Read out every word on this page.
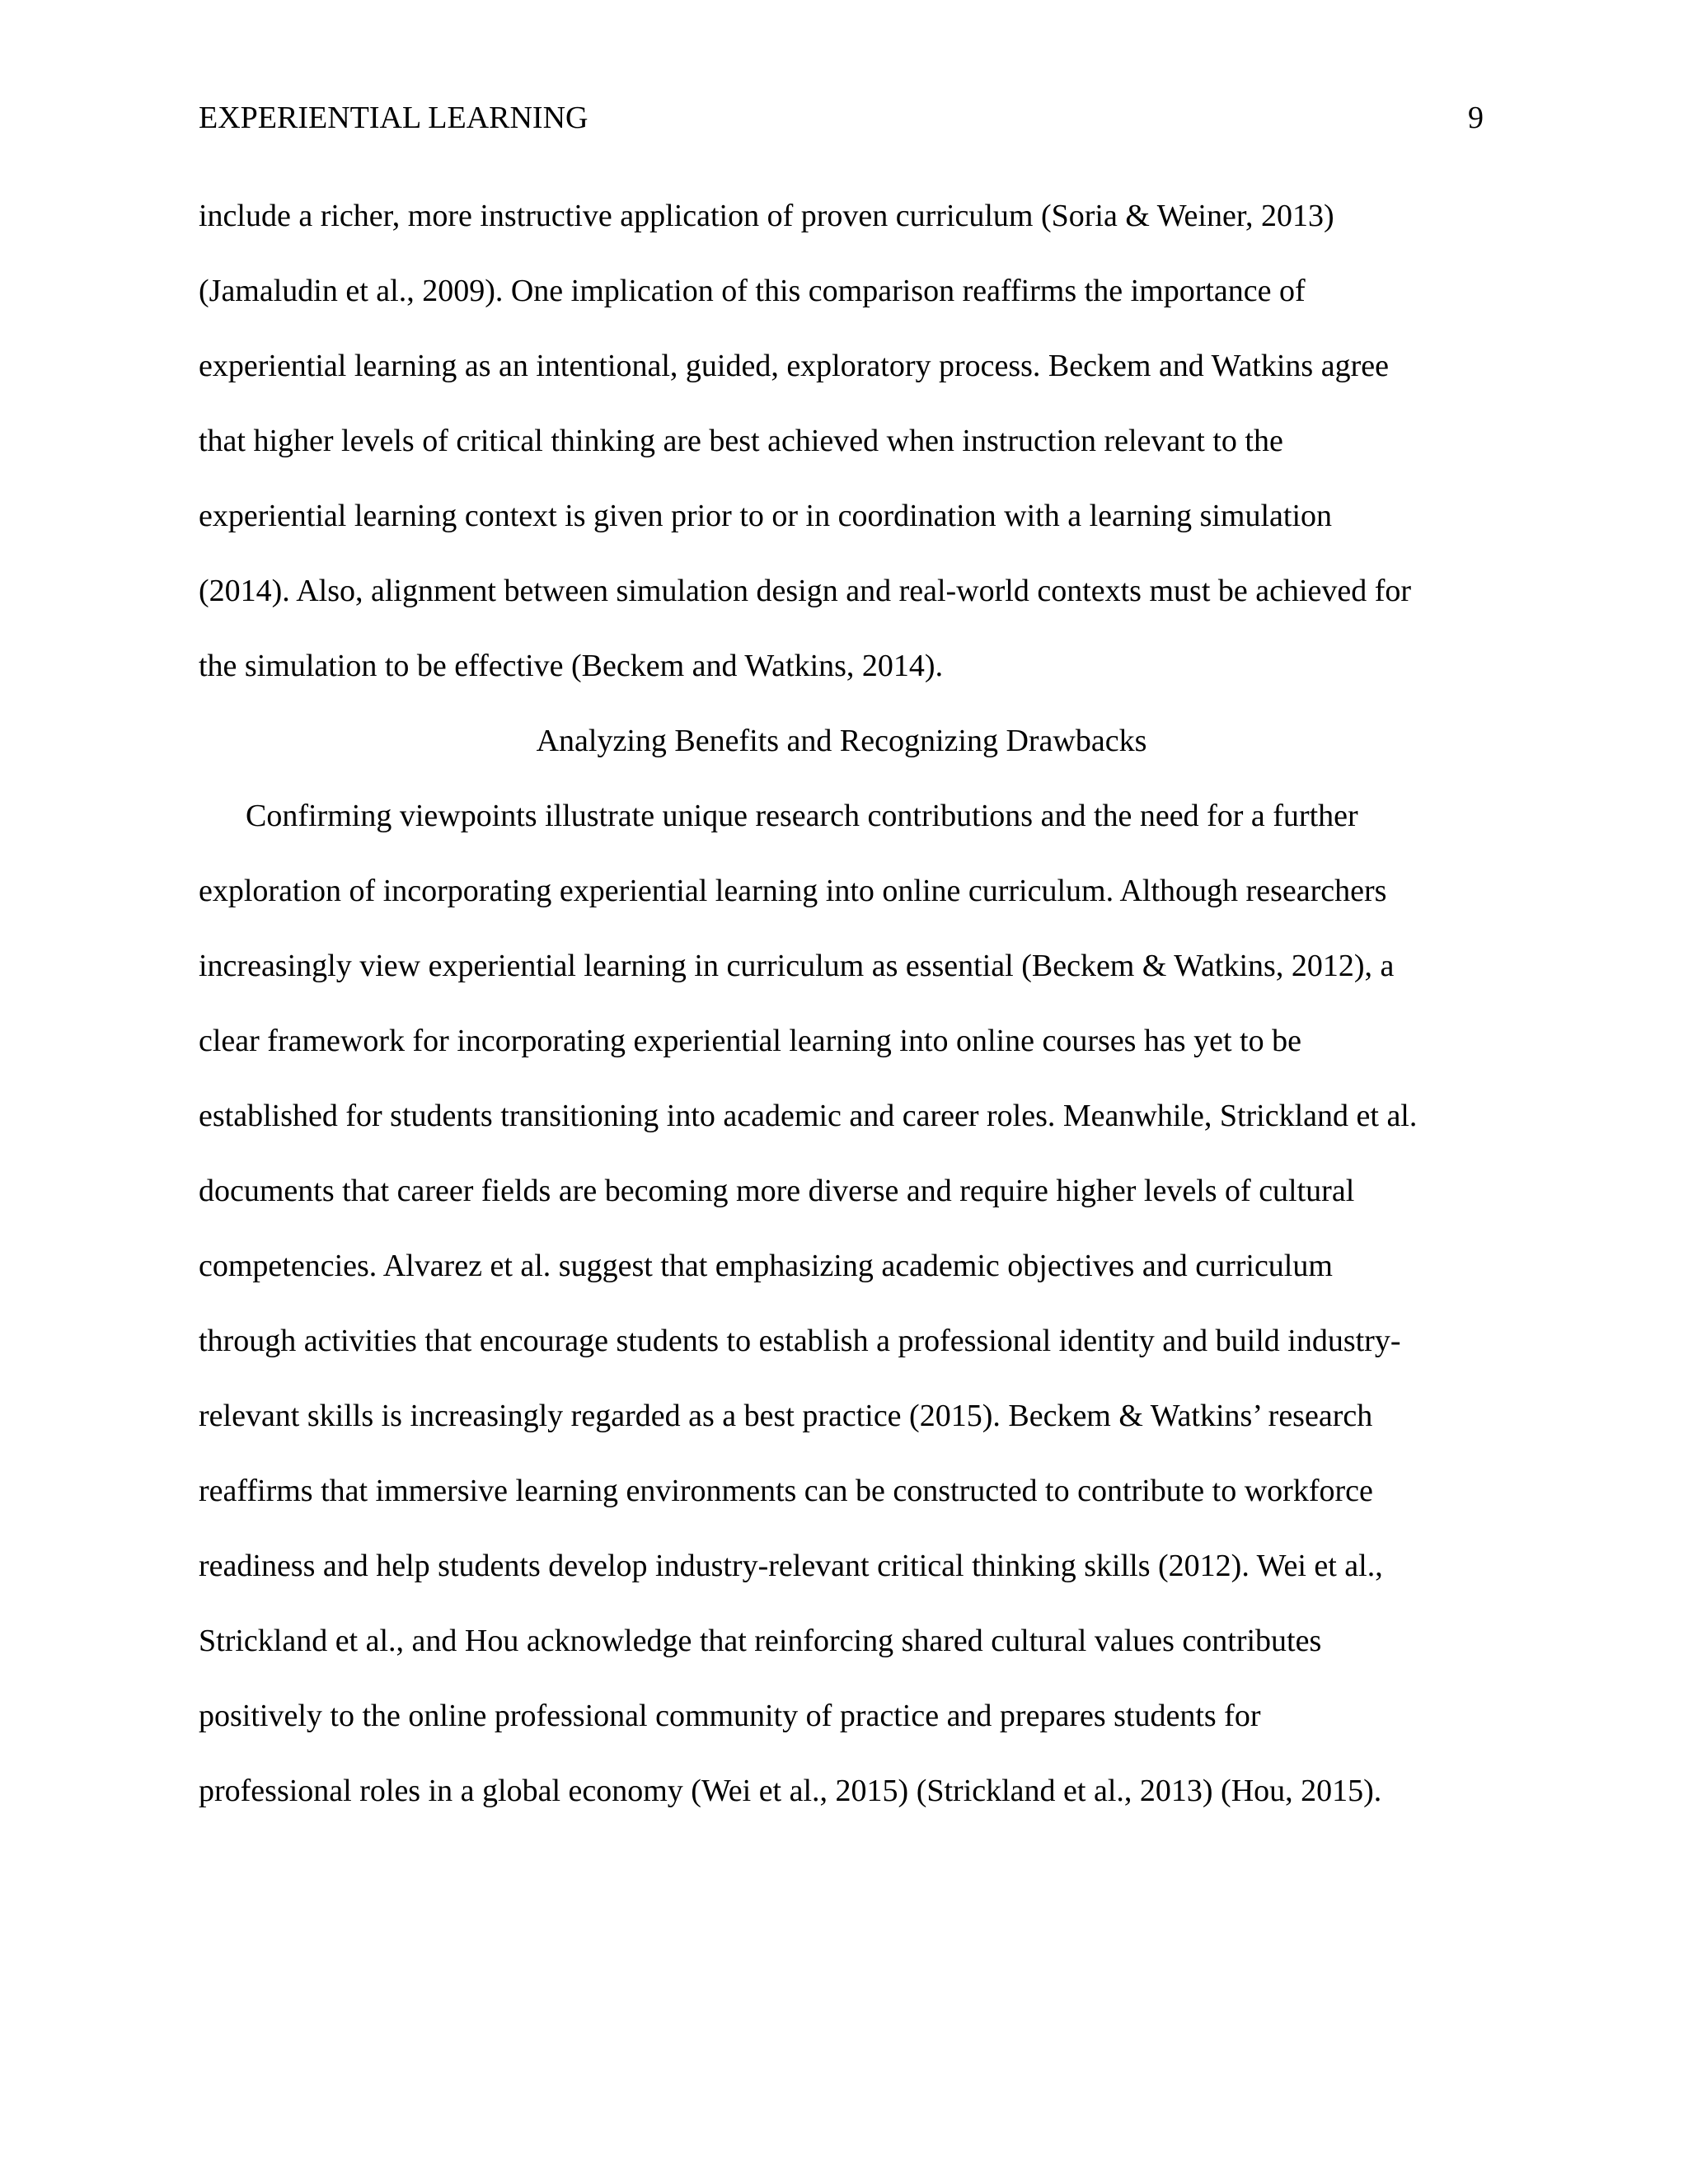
EXPERIENTIAL LEARNING	9
include a richer, more instructive application of proven curriculum (Soria & Weiner, 2013)
(Jamaludin et al., 2009). One implication of this comparison reaffirms the importance of
experiential learning as an intentional, guided, exploratory process. Beckem and Watkins agree
that higher levels of critical thinking are best achieved when instruction relevant to the
experiential learning context is given prior to or in coordination with a learning simulation
(2014). Also, alignment between simulation design and real-world contexts must be achieved for
the simulation to be effective (Beckem and Watkins, 2014).
Analyzing Benefits and Recognizing Drawbacks
Confirming viewpoints illustrate unique research contributions and the need for a further
exploration of incorporating experiential learning into online curriculum. Although researchers
increasingly view experiential learning in curriculum as essential (Beckem & Watkins, 2012), a
clear framework for incorporating experiential learning into online courses has yet to be
established for students transitioning into academic and career roles. Meanwhile, Strickland et al.
documents that career fields are becoming more diverse and require higher levels of cultural
competencies. Alvarez et al. suggest that emphasizing academic objectives and curriculum
through activities that encourage students to establish a professional identity and build industry-
relevant skills is increasingly regarded as a best practice (2015). Beckem & Watkins’ research
reaffirms that immersive learning environments can be constructed to contribute to workforce
readiness and help students develop industry-relevant critical thinking skills (2012). Wei et al.,
Strickland et al., and Hou acknowledge that reinforcing shared cultural values contributes
positively to the online professional community of practice and prepares students for
professional roles in a global economy (Wei et al., 2015) (Strickland et al., 2013) (Hou, 2015).
